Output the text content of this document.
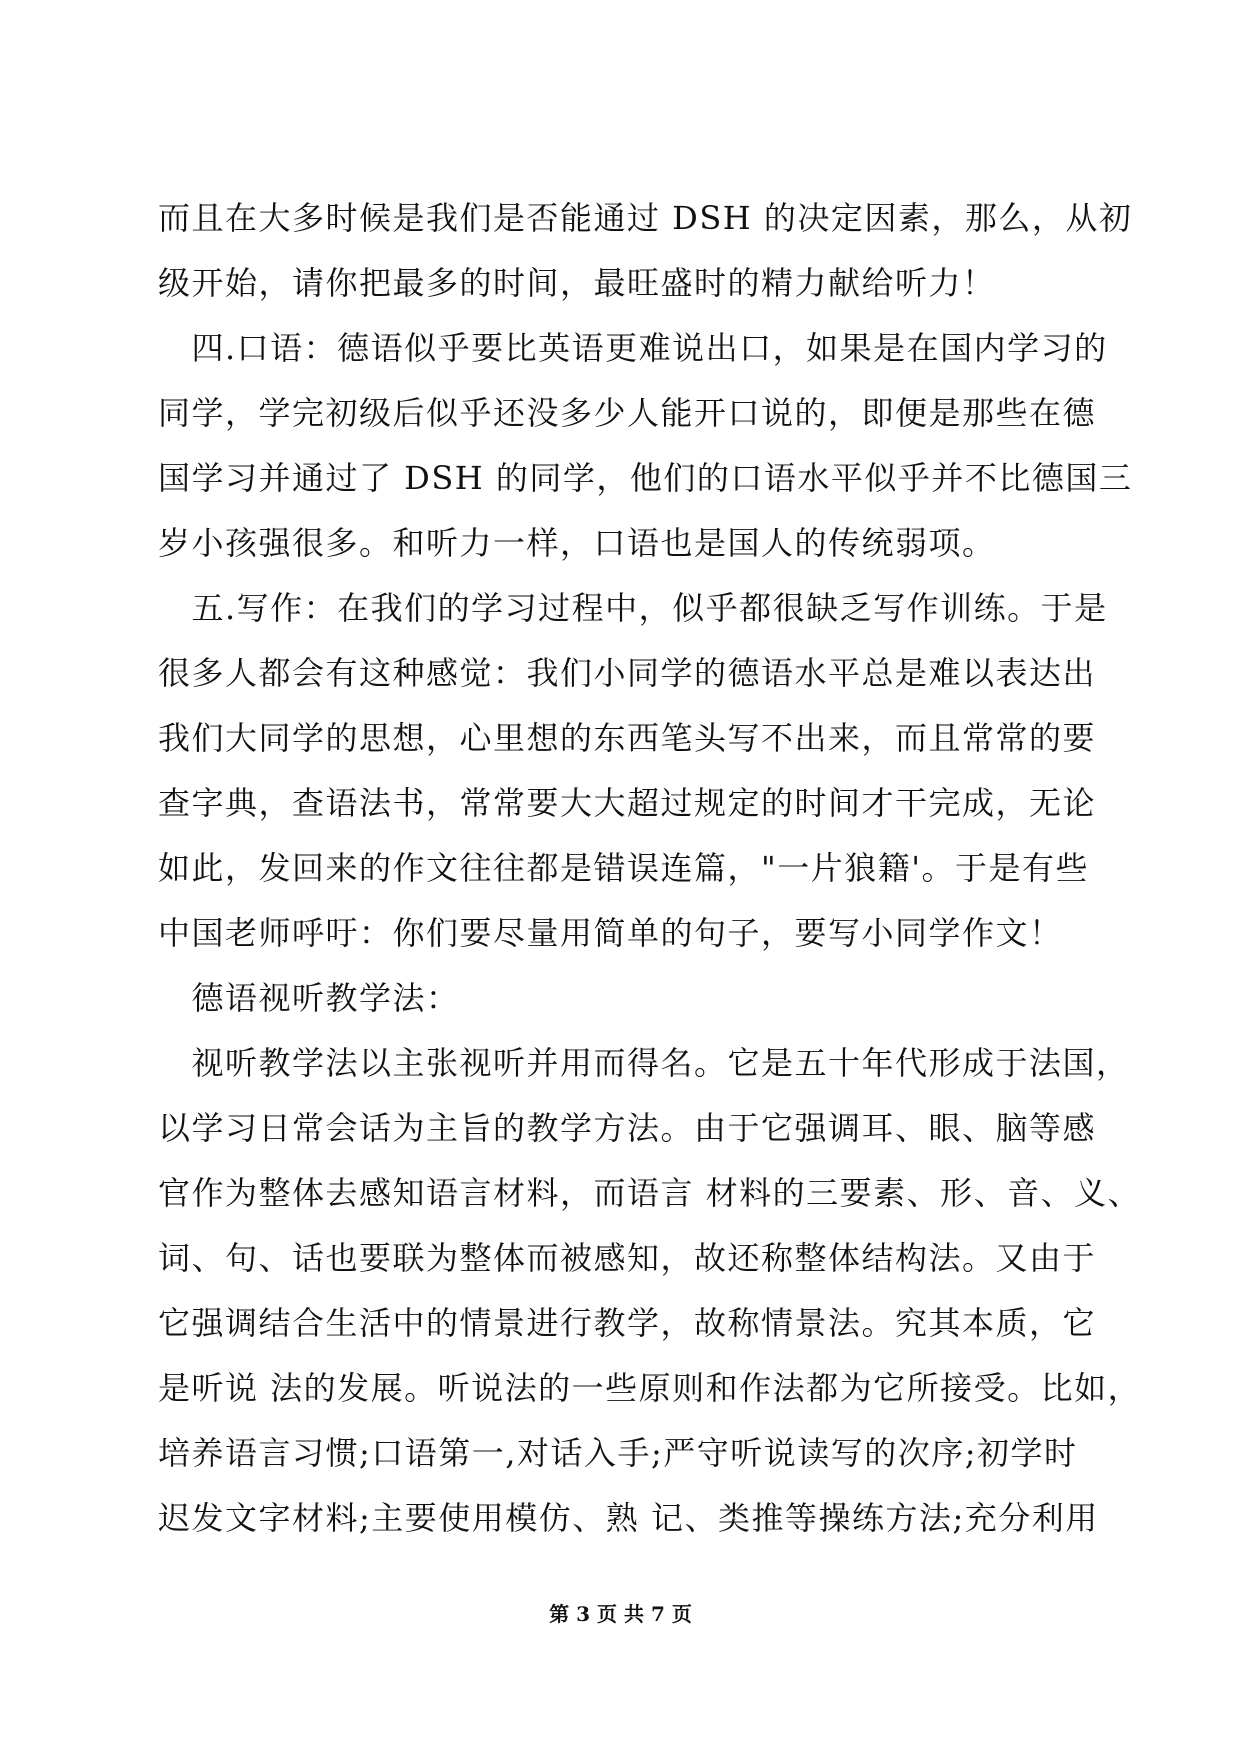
而且在大多时候是我们是否能通过 DSH 的决定因素，那么，从初
级开始，请你把最多的时间，最旺盛时的精力献给听力！
　四.口语：德语似乎要比英语更难说出口，如果是在国内学习的
同学，学完初级后似乎还没多少人能开口说的，即便是那些在德
国学习并通过了 DSH 的同学，他们的口语水平似乎并不比德国三
岁小孩强很多。和听力一样，口语也是国人的传统弱项。
　五.写作：在我们的学习过程中，似乎都很缺乏写作训练。于是
很多人都会有这种感觉：我们小同学的德语水平总是难以表达出
我们大同学的思想，心里想的东西笔头写不出来，而且常常的要
查字典，查语法书，常常要大大超过规定的时间才干完成，无论
如此，发回来的作文往往都是错误连篇，"一片狼籍'。于是有些
中国老师呼吁：你们要尽量用简单的句子，要写小同学作文！
　德语视听教学法：
　视听教学法以主张视听并用而得名。它是五十年代形成于法国，
以学习日常会话为主旨的教学方法。由于它强调耳、眼、脑等感
官作为整体去感知语言材料，而语言 材料的三要素、形、音、义、
词、句、话也要联为整体而被感知，故还称整体结构法。又由于
它强调结合生活中的情景进行教学，故称情景法。究其本质，它
是听说 法的发展。听说法的一些原则和作法都为它所接受。比如，
培养语言习惯;口语第一,对话入手;严守听说读写的次序;初学时
迟发文字材料;主要使用模仿、熟 记、类推等操练方法;充分利用
第 3 页 共 7 页
